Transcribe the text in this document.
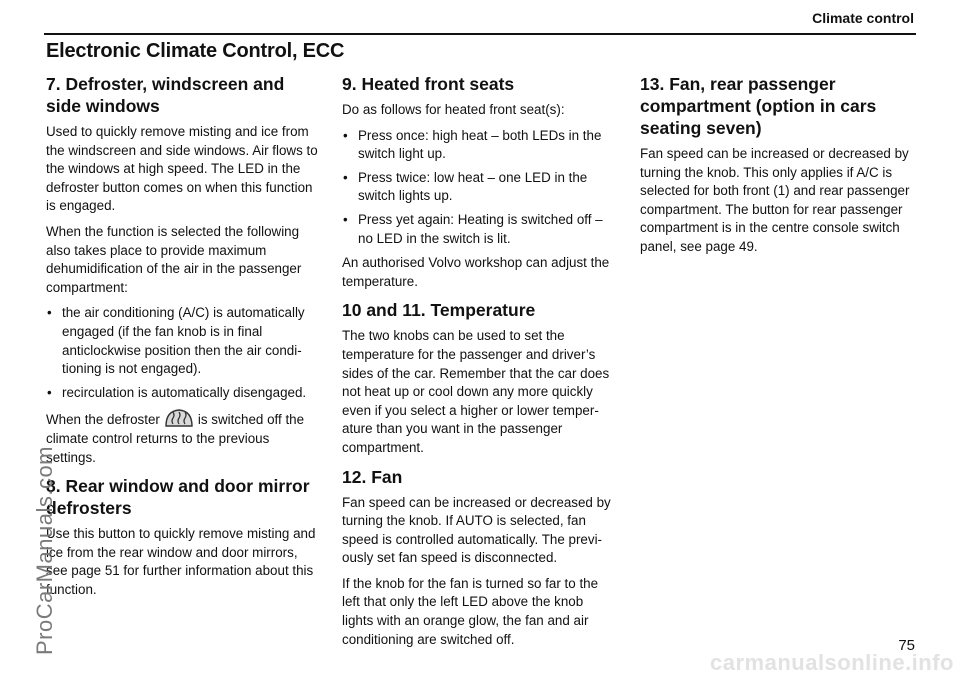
Climate control
Electronic Climate Control, ECC
7. Defroster, windscreen and side windows

Used to quickly remove misting and ice from the windscreen and side windows. Air flows to the windows at high speed. The LED in the defroster button comes on when this function is engaged.

When the function is selected the following also takes place to provide maximum dehumidification of the air in the passenger compartment:

• the air conditioning (A/C) is automatically engaged (if the fan knob is in final anticlockwise position then the air condi-tioning is not engaged).
• recirculation is automatically disengaged.

When the defroster	is switched off the climate control returns to the previous settings.

8. Rear window and door mirror defrosters

Use this button to quickly remove misting and ice from the rear window and door mirrors, see page 51 for further information about this function.

9. Heated front seats

Do as follows for heated front seat(s):

• Press once: high heat – both LEDs in the switch light up.
• Press twice: low heat – one LED in the switch lights up.
• Press yet again: Heating is switched off – no LED in the switch is lit.

An authorised Volvo workshop can adjust the temperature.

10 and 11. Temperature

The two knobs can be used to set the temperature for the passenger and driver’s sides of the car. Remember that the car does not heat up or cool down any more quickly even if you select a higher or lower temper-ature than you want in the passenger compartment.

12. Fan

Fan speed can be increased or decreased by turning the knob. If AUTO is selected, fan speed is controlled automatically. The previ-ously set fan speed is disconnected.

If the knob for the fan is turned so far to the left that only the left LED above the knob lights with an orange glow, the fan and air conditioning are switched off.

13. Fan, rear passenger compartment (option in cars seating seven)

Fan speed can be increased or decreased by turning the knob. This only applies if A/C is selected for both front (1) and rear passenger compartment. The button for rear passenger compartment is in the centre console switch panel, see page 49.

75
ProCarManuals.com
carmanualsonline.info
